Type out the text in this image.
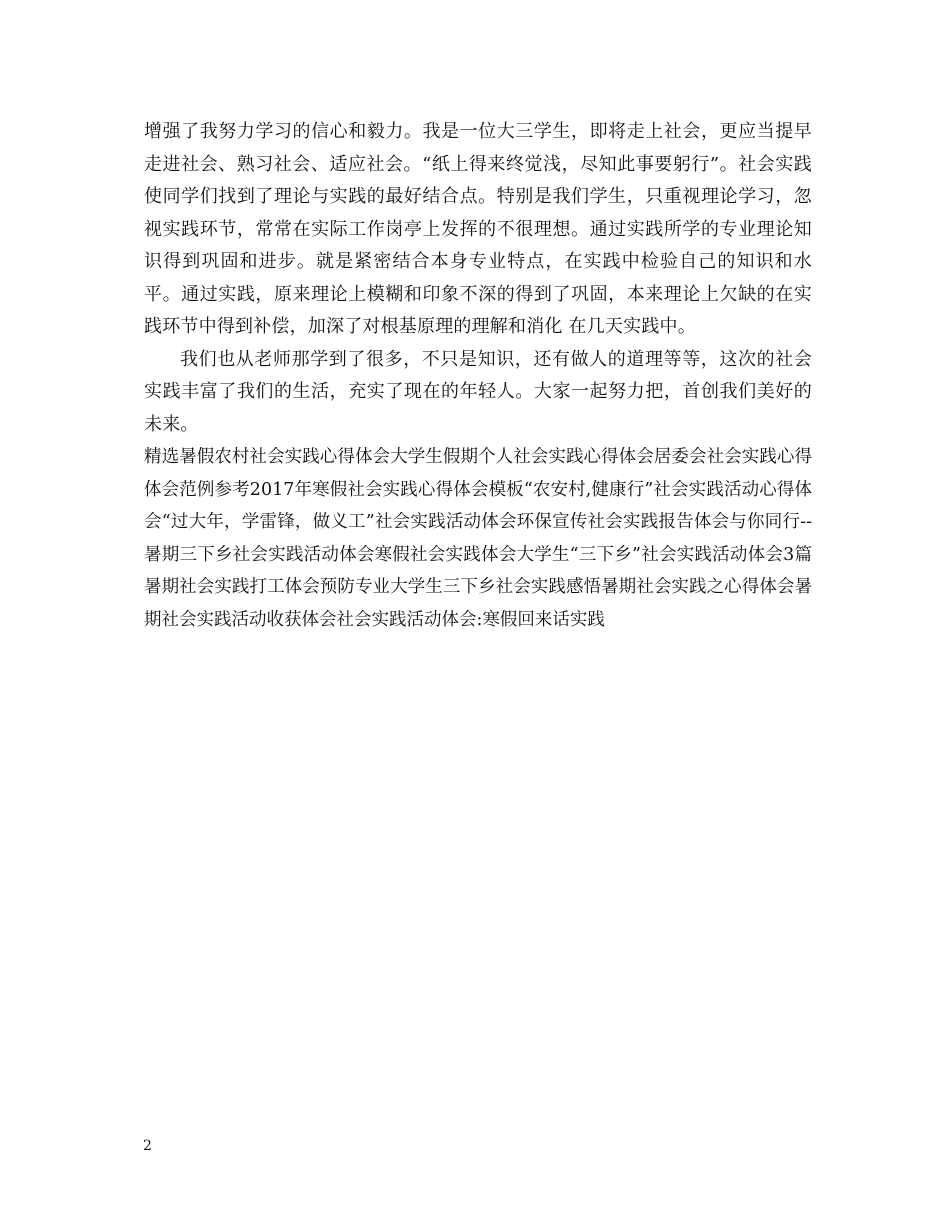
增强了我努力学习的信心和毅力。我是一位大三学生，即将走上社会，更应当提早走进社会、熟习社会、适应社会。“纸上得来终觉浅，尽知此事要躬行”。社会实践使同学们找到了理论与实践的最好结合点。特别是我们学生，只重视理论学习，忽视实践环节，常常在实际工作岗亭上发挥的不很理想。通过实践所学的专业理论知识得到巩固和进步。就是紧密结合本身专业特点，在实践中检验自己的知识和水平。通过实践，原来理论上模糊和印象不深的得到了巩固，本来理论上欠缺的在实践环节中得到补偿，加深了对根基原理的理解和消化 在几天实践中。

我们也从老师那学到了很多，不只是知识，还有做人的道理等等，这次的社会实践丰富了我们的生活，充实了现在的年轻人。大家一起努力把，首创我们美好的未来。

精选暑假农村社会实践心得体会大学生假期个人社会实践心得体会居委会社会实践心得体会范例参考2017年寒假社会实践心得体会模板“农安村,健康行”社会实践活动心得体会“过大年，学雷锋，做义工”社会实践活动体会环保宣传社会实践报告体会与你同行--暑期三下乡社会实践活动体会寒假社会实践体会大学生“三下乡”社会实践活动体会3篇暑期社会实践打工体会预防专业大学生三下乡社会实践感悟暑期社会实践之心得体会暑期社会实践活动收获体会社会实践活动体会:寒假回来话实践

2
